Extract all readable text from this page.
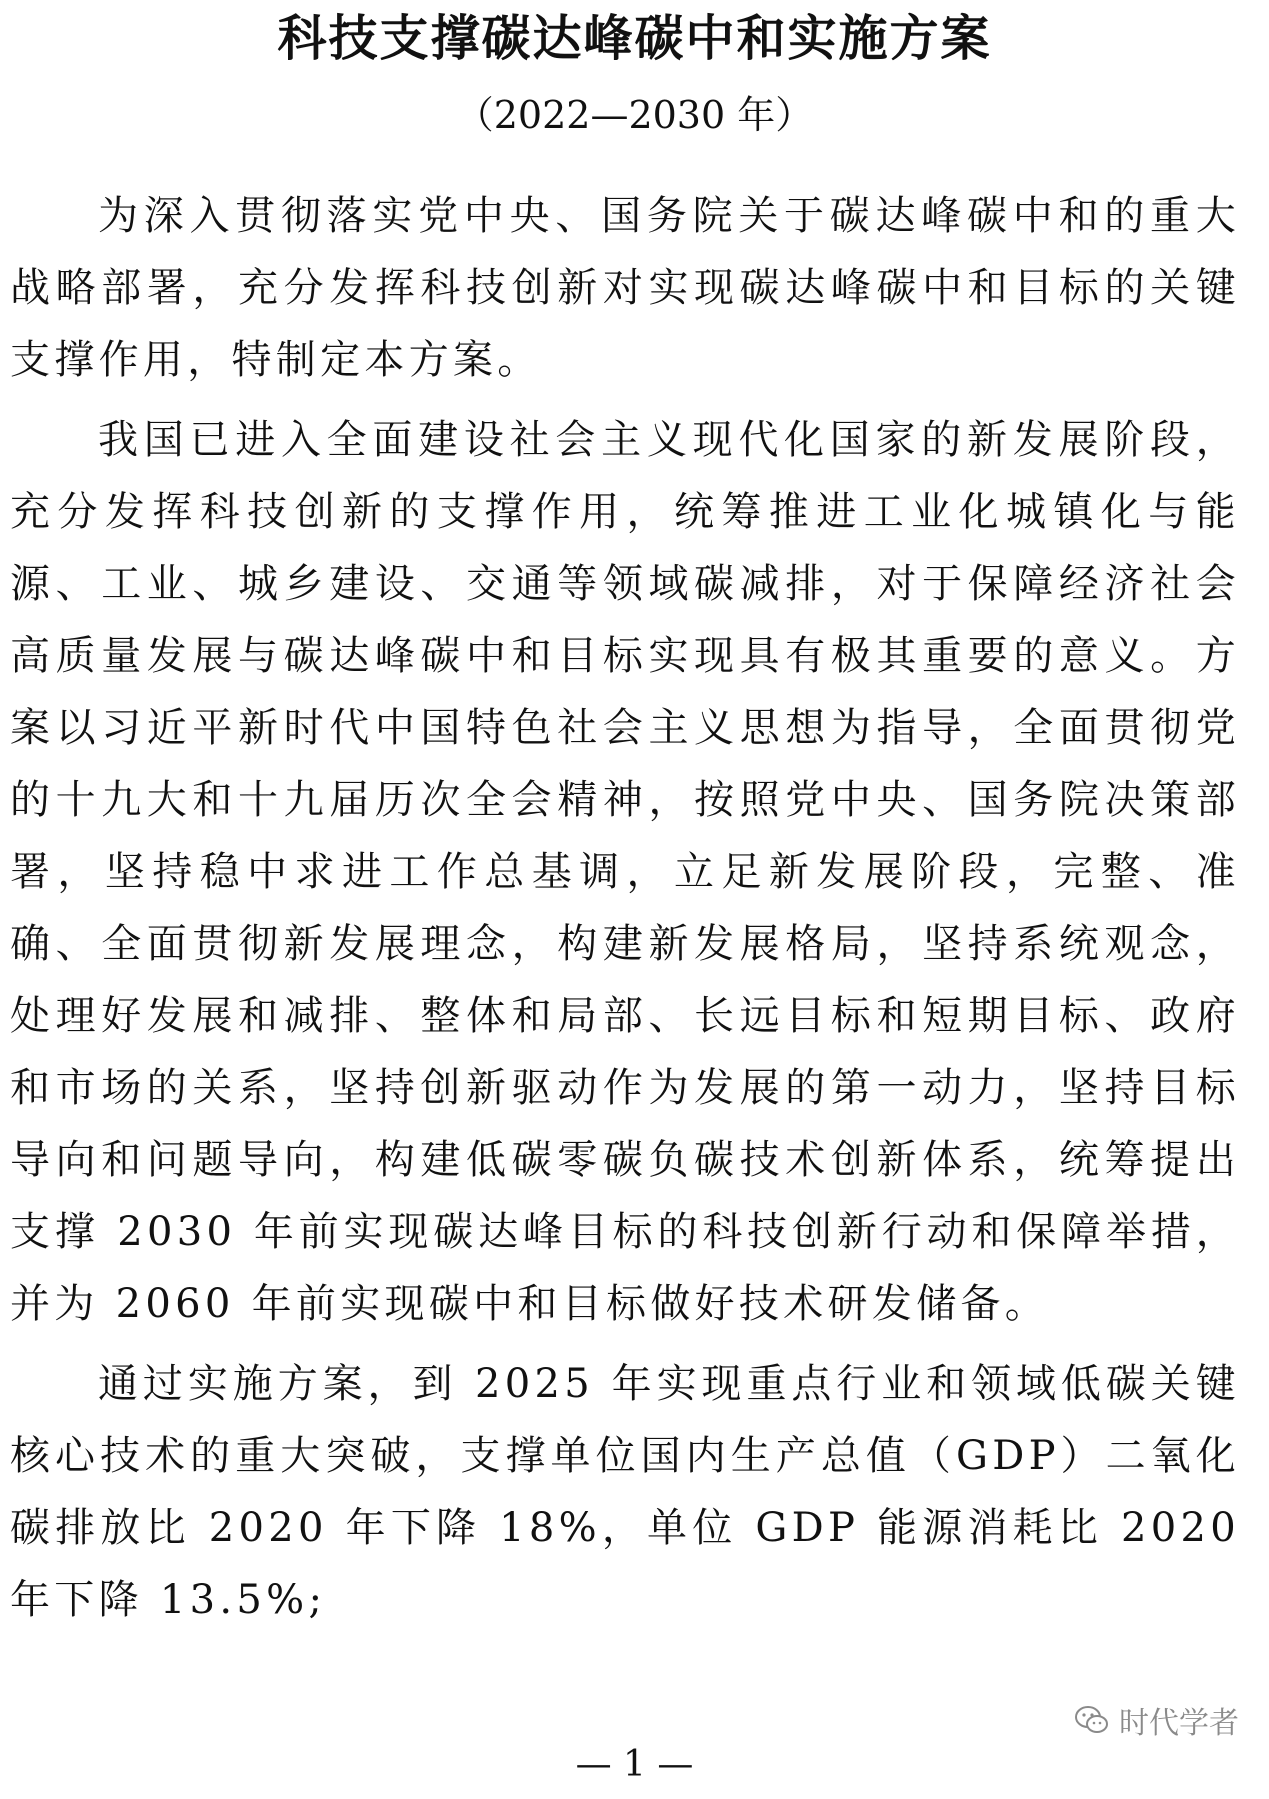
科技支撑碳达峰碳中和实施方案
（2022—2030 年）

为深入贯彻落实党中央、国务院关于碳达峰碳中和的重大战略部署，充分发挥科技创新对实现碳达峰碳中和目标的关键支撑作用，特制定本方案。

我国已进入全面建设社会主义现代化国家的新发展阶段，充分发挥科技创新的支撑作用，统筹推进工业化城镇化与能源、工业、城乡建设、交通等领域碳减排，对于保障经济社会高质量发展与碳达峰碳中和目标实现具有极其重要的意义。方案以习近平新时代中国特色社会主义思想为指导，全面贯彻党的十九大和十九届历次全会精神，按照党中央、国务院决策部署，坚持稳中求进工作总基调，立足新发展阶段，完整、准确、全面贯彻新发展理念，构建新发展格局，坚持系统观念，处理好发展和减排、整体和局部、长远目标和短期目标、政府和市场的关系，坚持创新驱动作为发展的第一动力，坚持目标导向和问题导向，构建低碳零碳负碳技术创新体系，统筹提出支撑 2030 年前实现碳达峰目标的科技创新行动和保障举措，并为 2060 年前实现碳中和目标做好技术研发储备。

通过实施方案，到 2025 年实现重点行业和领域低碳关键核心技术的重大突破，支撑单位国内生产总值（GDP）二氧化碳排放比 2020 年下降 18%，单位 GDP 能源消耗比 2020 年下降 13.5%;

时代学者
— 1 —
